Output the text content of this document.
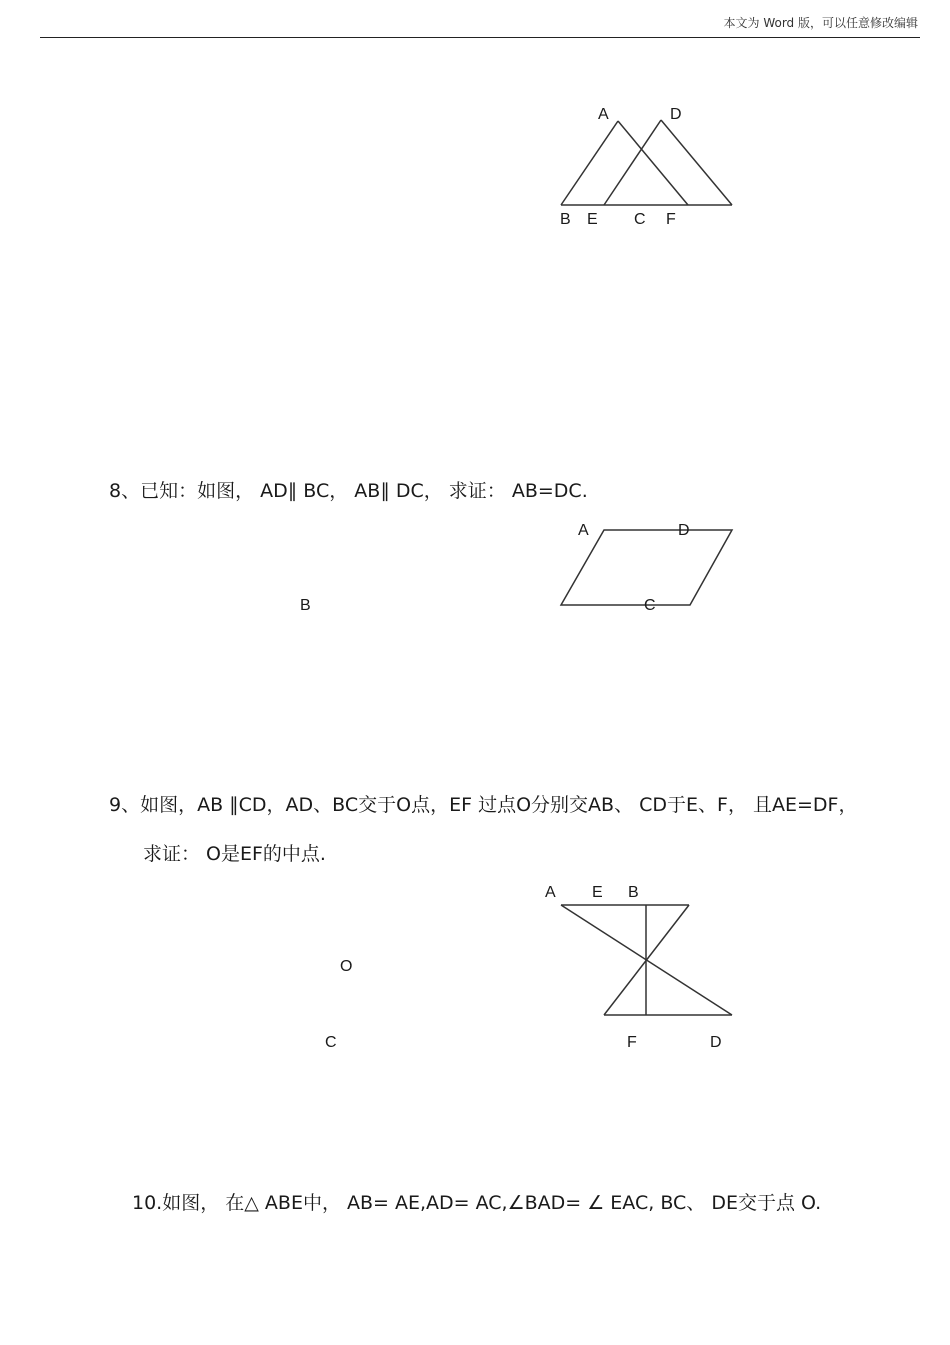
本文为 Word 版，可以任意修改编辑
A	D
B E C F
8、已知：如图， AD∥ BC， AB∥ DC， 求证： AB=DC.
A	D
B	C
9、如图，AB ∥CD，AD、BC交于O点，EF 过点O分别交AB、 CD于E、F， 且AE=DF，
求证： O是EF的中点.
A E B
O
C	F	D
10.如图， 在△ ABE中， AB= AE,AD= AC,∠BAD= ∠ EAC, BC、 DE交于点 O.
